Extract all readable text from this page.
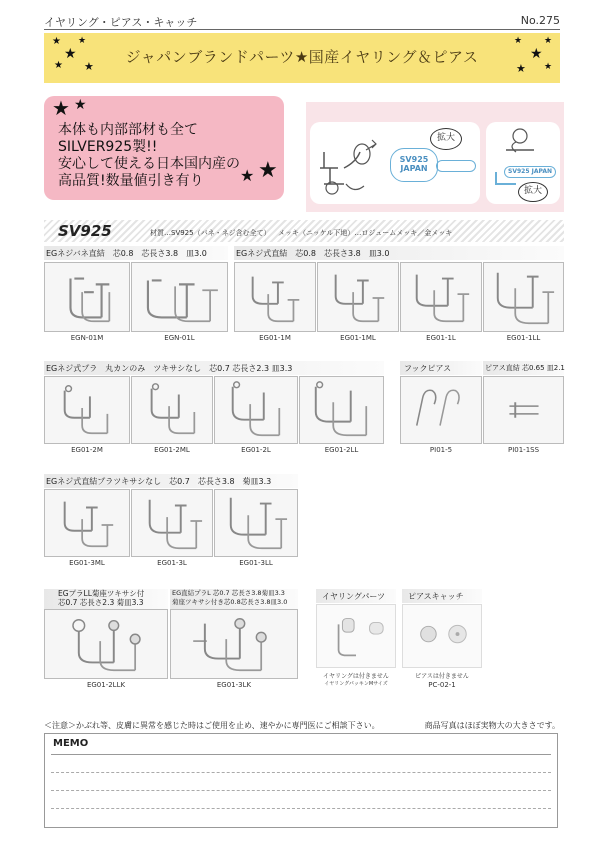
イヤリング・ピアス・キャッチ	No.275
★
★
★
★
★
★
★
★
★ ★
ジャパンブランドパーツ★国産イヤリング＆ピアス
★ ★
★ ★
本体も内部部材も全て
SILVER925製!!
安心して使える日本国内産の
高品質!数量値引き有り
SV925
JAPAN
拡大
SV925 JAPAN
拡大
SV925	材質…SV925（バネ・ネジ含む全て） メッキ（ニッケル下地）…ロジュームメッキ／金メッキ
EGネジバネ直結　芯0.8　芯長さ3.8　皿3.0
EGN-01M	EGN-01L
EGネジ式直結　芯0.8　芯長さ3.8　皿3.0
EG01-1M	EG01-1ML	EG01-1L	EG01-1LL
EGネジ式プラ　丸カンのみ　ツキサシなし　芯0.7 芯長さ2.3 皿3.3
EG01-2M	EG01-2ML	EG01-2L	EG01-2LL
フックピアス
PI01-5
ピアス直結 芯0.65 皿2.1
PI01-1SS
EGネジ式直結プラツキサシなし　芯0.7　芯長さ3.8　菊皿3.3
EG01-3ML	EG01-3L	EG01-3LL
EGプラLL菊座ツキサシ付
芯0.7 芯長さ2.3 菊皿3.3
EG01-2LLK
EG直結プラL 芯0.7 芯長さ3.8菊皿3.3
菊座ツキサシ付き芯0.8芯長さ3.8皿3.0
EG01-3LK
イヤリングパーツ
イヤリングは付きません
イヤリングパッキンMサイズ
ピアスキャッチ
ピアスは付きません
PC-02-1
＜注意＞かぶれ等、皮膚に異常を感じた時はご使用を止め、速やかに専門医にご相談下さい。	商品写真はほぼ実物大の大きさです。
MEMO
